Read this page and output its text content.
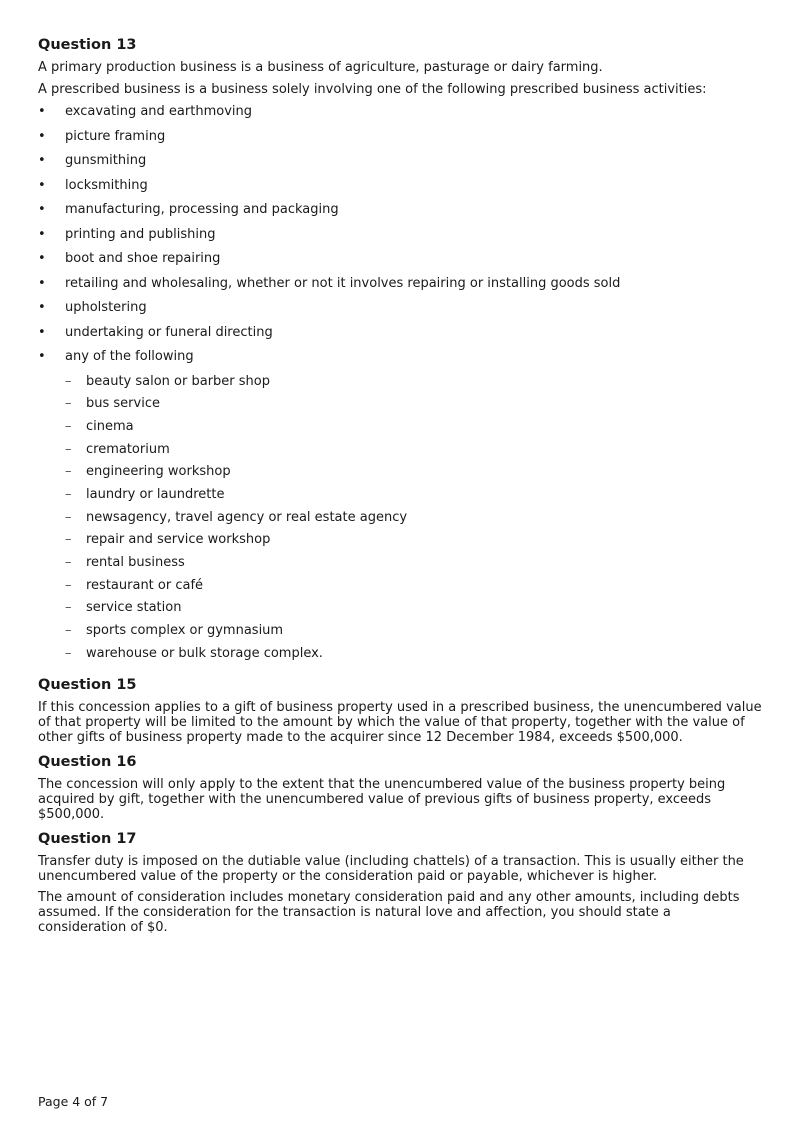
Question 13

A primary production business is a business of agriculture, pasturage or dairy farming.

A prescribed business is a business solely involving one of the following prescribed business activities:

• excavating and earthmoving
• picture framing
• gunsmithing
• locksmithing
• manufacturing, processing and packaging
• printing and publishing
• boot and shoe repairing
• retailing and wholesaling, whether or not it involves repairing or installing goods sold
• upholstering
• undertaking or funeral directing
• any of the following
– beauty salon or barber shop
– bus service
– cinema
– crematorium
– engineering workshop
– laundry or laundrette
– newsagency, travel agency or real estate agency
– repair and service workshop
– rental business
– restaurant or café
– service station
– sports complex or gymnasium
– warehouse or bulk storage complex.
Question 15

If this concession applies to a gift of business property used in a prescribed business, the unencumbered value of that property will be limited to the amount by which the value of that property, together with the value of other gifts of business property made to the acquirer since 12 December 1984, exceeds $500,000.

Question 16

The concession will only apply to the extent that the unencumbered value of the business property being acquired by gift, together with the unencumbered value of previous gifts of business property, exceeds $500,000.

Question 17

Transfer duty is imposed on the dutiable value (including chattels) of a transaction. This is usually either the unencumbered value of the property or the consideration paid or payable, whichever is higher.

The amount of consideration includes monetary consideration paid and any other amounts, including debts assumed. If the consideration for the transaction is natural love and affection, you should state a consideration of $0.

Page 4 of 7
